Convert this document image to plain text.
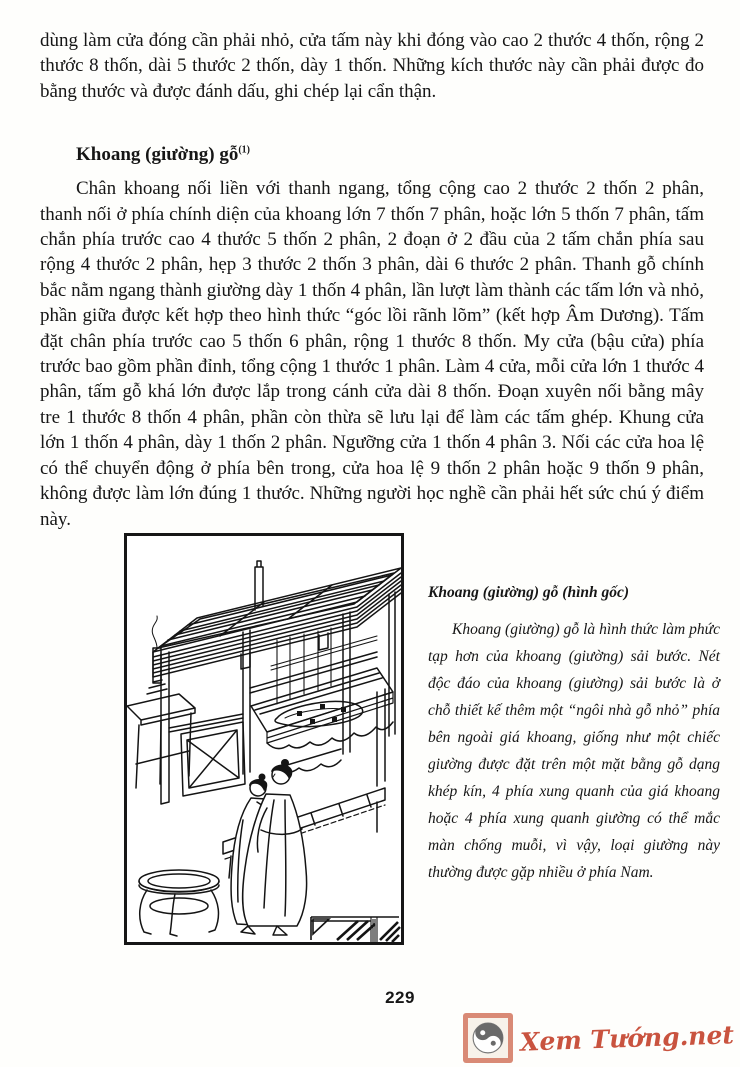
dùng làm cửa đóng cần phải nhỏ, cửa tấm này khi đóng vào cao 2 thước 4 thốn, rộng 2 thước 8 thốn, dài 5 thước 2 thốn, dày 1 thốn. Những kích thước này cần phải được đo bằng thước và được đánh dấu, ghi chép lại cẩn thận.

Khoang (giường) gỗ$^{(1)}$

Chân khoang nối liền với thanh ngang, tổng cộng cao 2 thước 2 thốn 2 phân, thanh nối ở phía chính diện của khoang lớn 7 thốn 7 phân, hoặc lớn 5 thốn 7 phân, tấm chắn phía trước cao 4 thước 5 thốn 2 phân, 2 đoạn ở 2 đầu của 2 tấm chắn phía sau rộng 4 thước 2 phân, hẹp 3 thước 2 thốn 3 phân, dài 6 thước 2 phân. Thanh gỗ chính bắc nằm ngang thành giường dày 1 thốn 4 phân, lần lượt làm thành các tấm lớn và nhỏ, phần giữa được kết hợp theo hình thức “góc lồi rãnh lõm” (kết hợp Âm Dương). Tấm đặt chân phía trước cao 5 thốn 6 phân, rộng 1 thước 8 thốn. My cửa (bậu cửa) phía trước bao gồm phần đỉnh, tổng cộng 1 thước 1 phân. Làm 4 cửa, mỗi cửa lớn 1 thước 4 phân, tấm gỗ khá lớn được lắp trong cánh cửa dài 8 thốn. Đoạn xuyên nối bằng mây tre 1 thước 8 thốn 4 phân, phần còn thừa sẽ lưu lại để làm các tấm ghép. Khung cửa lớn 1 thốn 4 phân, dày 1 thốn 2 phân. Ngưỡng cửa 1 thốn 4 phân 3. Nối các cửa hoa lệ có thể chuyển động ở phía bên trong, cửa hoa lệ 9 thốn 2 phân hoặc 9 thốn 9 phân, không được làm lớn đúng 1 thước. Những người học nghề cần phải hết sức chú ý điểm này.

Khoang (giường) gỗ (hình gốc)
Khoang (giường) gỗ là hình thức làm phức tạp hơn của khoang (giường) sải bước. Nét độc đáo của khoang (giường) sải bước là ở chỗ thiết kế thêm một “ngôi nhà gỗ nhỏ” phía bên ngoài giá khoang, giống như một chiếc giường được đặt trên một mặt bằng gỗ dạng khép kín, 4 phía xung quanh của giá khoang hoặc 4 phía xung quanh giường có thể mắc màn chống muỗi, vì vậy, loại giường này thường được gặp nhiều ở phía Nam.
229
Xem Tướng.net
